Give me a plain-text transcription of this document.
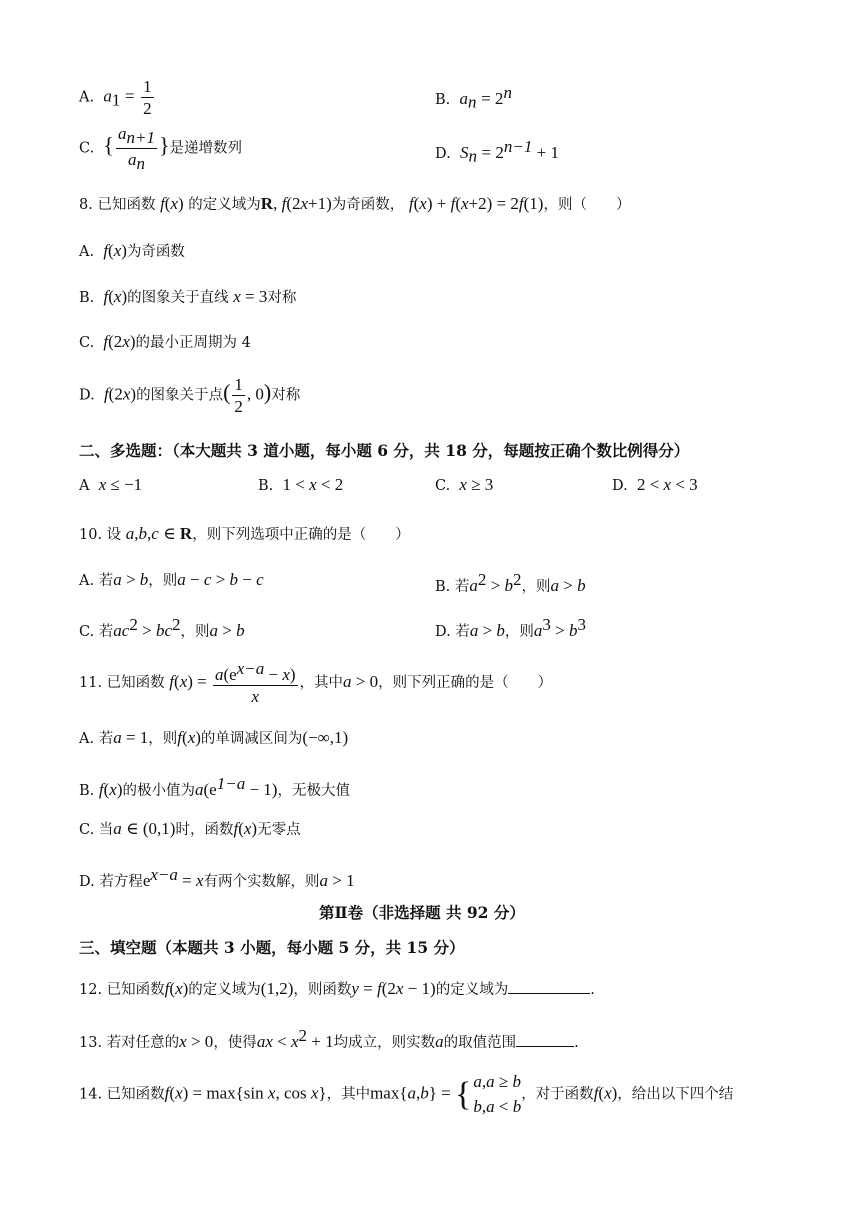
A. $a_1 = \frac{1}{2}$	B. $a_n = 2^n$
C. { $\frac{a_{n+1}}{a_n}$ }是递增数列	D. $S_n = 2^{n-1} + 1$
8. 已知函数 f(x) 的定义域为R, f(2x+1)为奇函数， f(x) + f(x+2) = 2f(1)，则（　　）
A. f(x)为奇函数
B. f(x)的图象关于直线 x = 3对称
C. f(2x)的最小正周期为 4
D. f(2x)的图象关于点( $\frac{1}{2}$ , 0)对称
二、多选题：（本大题共 3 道小题，每小题 6 分，共 18 分，每题按正确个数比例得分）
A x ≤ −1	B. 1 < x < 2	C. x ≥ 3	D. 2 < x < 3
10. 设 a,b,c ∈ R，则下列选项中正确的是（　　）
A. 若a > b，则a − c > b − c	B. 若$a^2 > b^2$，则a > b
C. 若$ac^2 > bc^2$，则a > b	D. 若a > b，则$a^3 > b^3$
11. 已知函数 $f(x) = \frac{a(e^{x-a} - x)}{x}$ ，其中a > 0，则下列正确的是（　　）
A. 若a = 1，则f(x)的单调减区间为(−∞,1)
B. f(x)的极小值为$a(e^{1-a} - 1)$，无极大值
C. 当a ∈ (0,1)时，函数f(x)无零点
D. 若方程$e^{x-a} = x$有两个实数解，则a > 1
第Ⅱ卷（非选择题 共 92 分）
三、填空题（本题共 3 小题，每小题 5 分，共 15 分）
12. 已知函数f(x)的定义域为(1,2)，则函数y = f(2x − 1)的定义域为	.
13. 若对任意的x > 0，使得ax < $x^2 + 1$均成立，则实数a的取值范围	.
14. 已知函数f(x) = max{sin x, cos x}，其中max{a,b} = { a,a ≥ b
b,a < b
，对于函数f(x)，给出以下四个结
